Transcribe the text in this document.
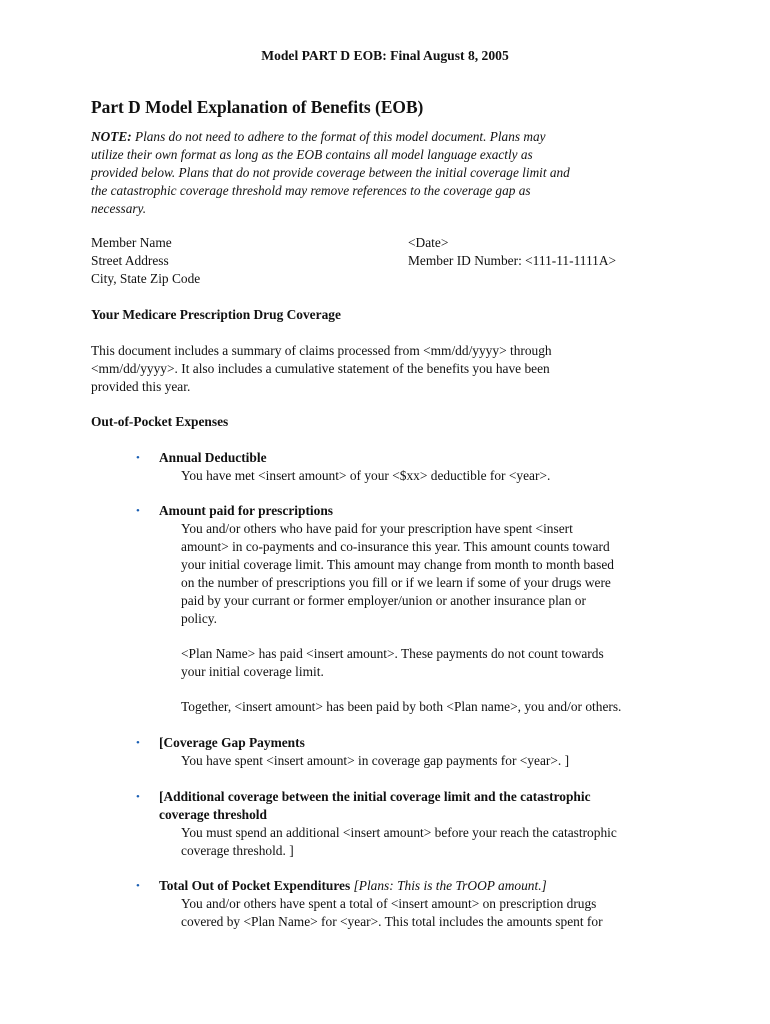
Model PART D EOB: Final August 8, 2005
Part D Model Explanation of Benefits (EOB)
NOTE: Plans do not need to adhere to the format of this model document. Plans may
utilize their own format as long as the EOB contains all model language exactly as
provided below. Plans that do not provide coverage between the initial coverage limit and
the catastrophic coverage threshold may remove references to the coverage gap as
necessary.
Member Name
Street Address
City, State Zip Code
<Date>
Member ID Number: <111-11-1111A>
Your Medicare Prescription Drug Coverage
This document includes a summary of claims processed from <mm/dd/yyyy> through
<mm/dd/yyyy>. It also includes a cumulative statement of the benefits you have been
provided this year.
Out-of-Pocket Expenses
• Annual Deductible
You have met <insert amount> of your <$xx> deductible for <year>.
• Amount paid for prescriptions
You and/or others who have paid for your prescription have spent <insert
amount> in co-payments and co-insurance this year. This amount counts toward
your initial coverage limit. This amount may change from month to month based
on the number of prescriptions you fill or if we learn if some of your drugs were
paid by your currant or former employer/union or another insurance plan or
policy.
<Plan Name> has paid <insert amount>. These payments do not count towards
your initial coverage limit.
Together, <insert amount> has been paid by both <Plan name>, you and/or others.
• [Coverage Gap Payments
You have spent <insert amount> in coverage gap payments for <year>. ]
• [Additional coverage between the initial coverage limit and the catastrophic
coverage threshold
You must spend an additional <insert amount> before your reach the catastrophic
coverage threshold. ]
• Total Out of Pocket Expenditures [Plans: This is the TrOOP amount.]
You and/or others have spent a total of <insert amount> on prescription drugs
covered by <Plan Name> for <year>. This total includes the amounts spent for
